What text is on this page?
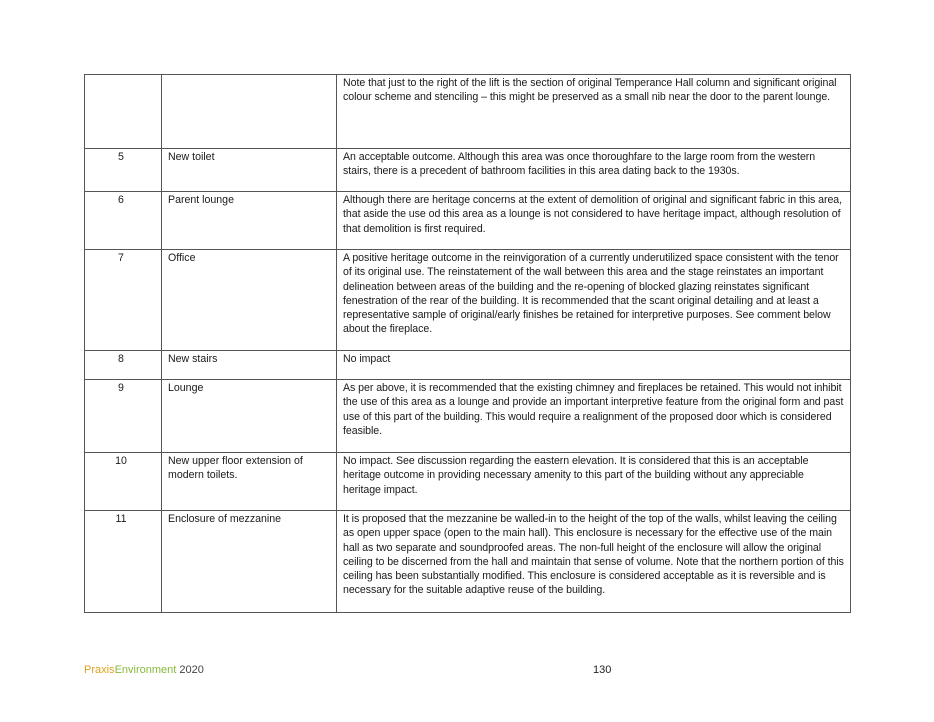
		Note that just to the right of the lift is the section of original Temperance Hall column and significant original colour scheme and stenciling – this might be preserved as a small nib near the door to the parent lounge.
5	New toilet	An acceptable outcome. Although this area was once thoroughfare to the large room from the western stairs, there is a precedent of bathroom facilities in this area dating back to the 1930s.
6	Parent lounge	Although there are heritage concerns at the extent of demolition of original and significant fabric in this area, that aside the use od this area as a lounge is not considered to have heritage impact, although resolution of that demolition is first required.
7	Office	A positive heritage outcome in the reinvigoration of a currently underutilized space consistent with the tenor of its original use. The reinstatement of the wall between this area and the stage reinstates an important delineation between areas of the building and the re-opening of blocked glazing reinstates significant fenestration of the rear of the building. It is recommended that the scant original detailing and at least a representative sample of original/early finishes be retained for interpretive purposes. See comment below about the fireplace.
8	New stairs	No impact
9	Lounge	As per above, it is recommended that the existing chimney and fireplaces be retained. This would not inhibit the use of this area as a lounge and provide an important interpretive feature from the original form and past use of this part of the building. This would require a realignment of the proposed door which is considered feasible.
10	New upper floor extension of modern toilets.	No impact. See discussion regarding the eastern elevation. It is considered that this is an acceptable heritage outcome in providing necessary amenity to this part of the building without any appreciable heritage impact.
11	Enclosure of mezzanine	It is proposed that the mezzanine be walled-in to the height of the top of the walls, whilst leaving the ceiling as open upper space (open to the main hall). This enclosure is necessary for the effective use of the main hall as two separate and soundproofed areas. The non-full height of the enclosure will allow the original ceiling to be discerned from the hall and maintain that sense of volume. Note that the northern portion of this ceiling has been substantially modified. This enclosure is considered acceptable as it is reversible and is necessary for the suitable adaptive reuse of the building.
PraxisEnvironment 2020	130
